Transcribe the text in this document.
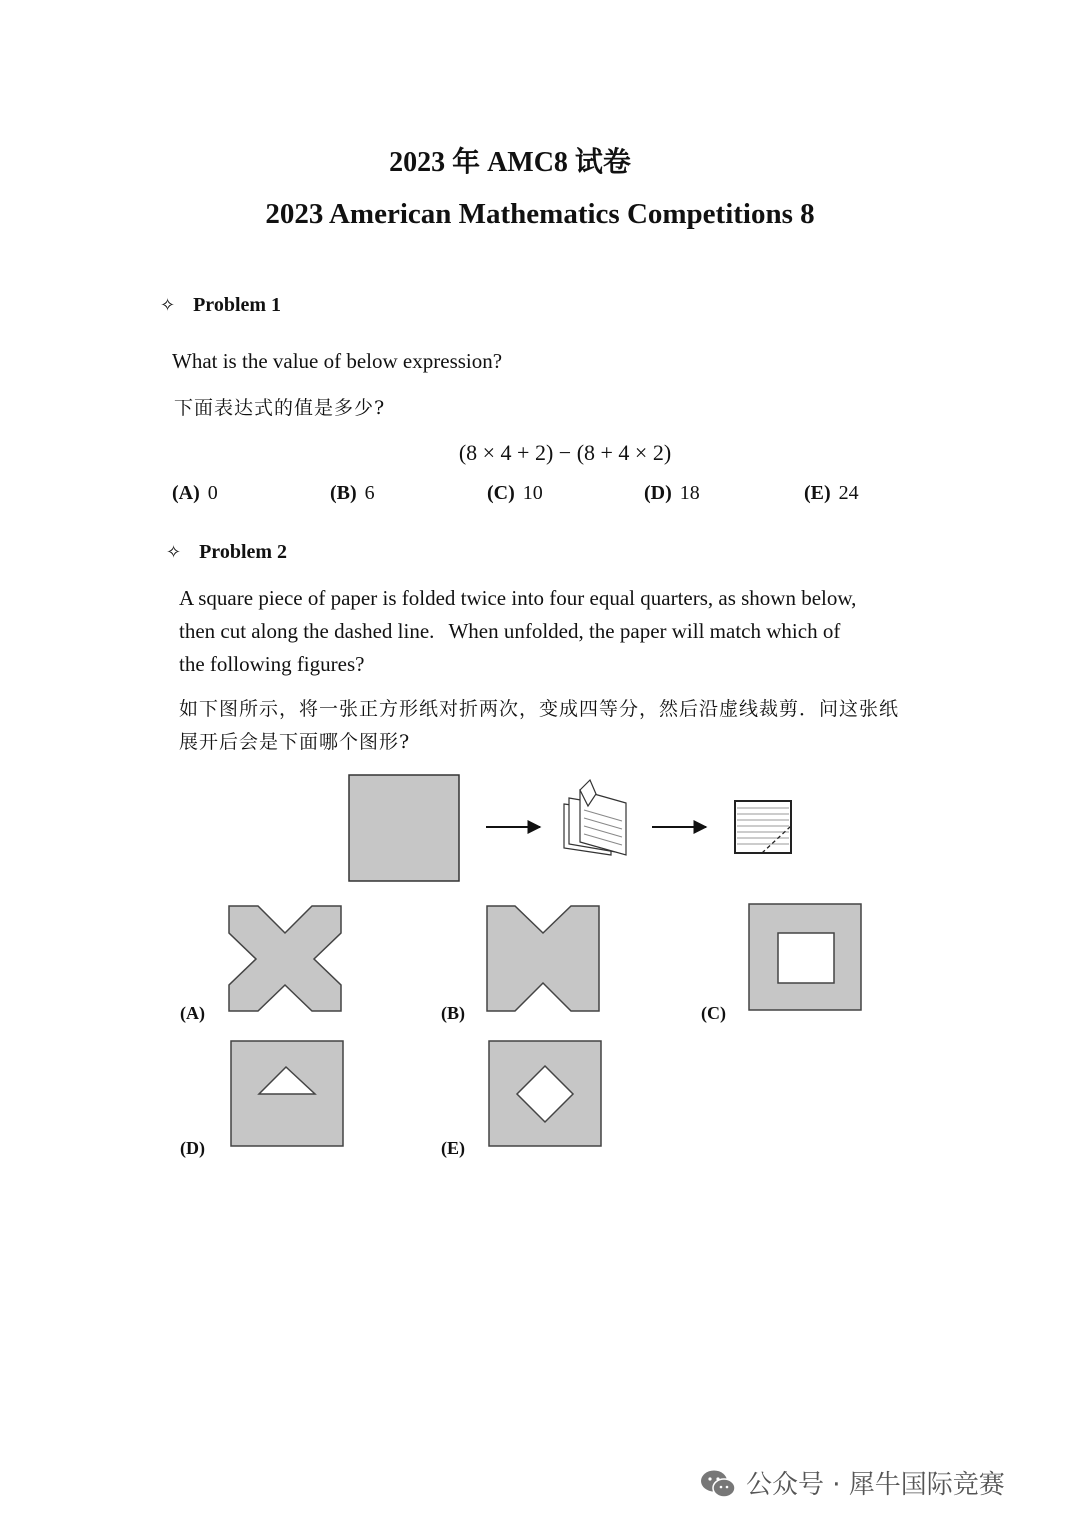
2023 年 AMC8 试卷
2023 American Mathematics Competitions 8
✧ Problem 1
What is the value of below expression?
下面表达式的值是多少?
(8 × 4 + 2) − (8 + 4 × 2)
(A) 0	(B) 6	(C) 10	(D) 18	(E) 24
✧ Problem 2
A square piece of paper is folded twice into four equal quarters, as shown below,
then cut along the dashed line. When unfolded, the paper will match which of
the following figures?
如下图所示，将一张正方形纸对折两次，变成四等分，然后沿虚线裁剪．问这张纸
展开后会是下面哪个图形?
(A)	(B)	(C)
(D)	(E)
公众号 · 犀牛国际竞赛
